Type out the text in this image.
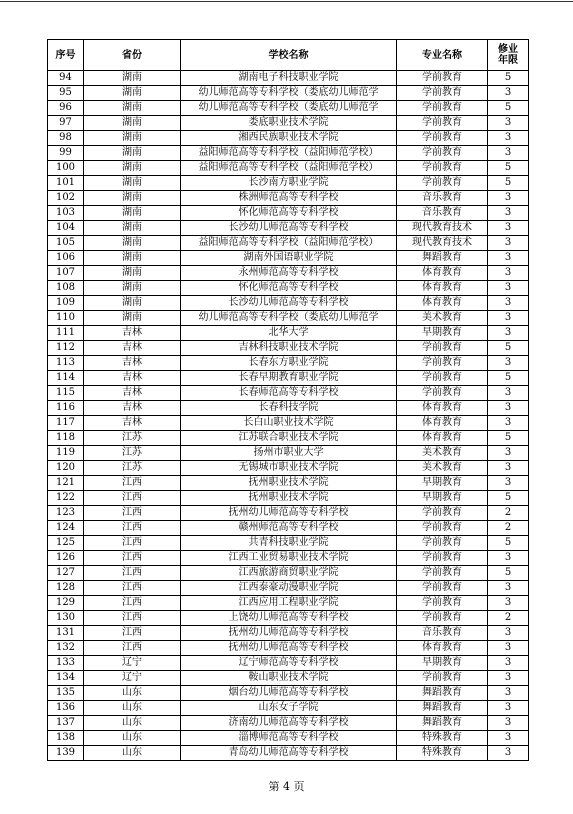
序号	省份	学校名称	专业名称	修业年限
94	湖南	湖南电子科技职业学院	学前教育	5
95	湖南	幼儿师范高等专科学校（娄底幼儿师范学	学前教育	3
96	湖南	幼儿师范高等专科学校（娄底幼儿师范学	学前教育	5
97	湖南	娄底职业技术学院	学前教育	3
98	湖南	湘西民族职业技术学院	学前教育	3
99	湖南	益阳师范高等专科学校（益阳师范学校）	学前教育	3
100	湖南	益阳师范高等专科学校（益阳师范学校）	学前教育	5
101	湖南	长沙南方职业学院	学前教育	5
102	湖南	株洲师范高等专科学校	音乐教育	3
103	湖南	怀化师范高等专科学校	音乐教育	3
104	湖南	长沙幼儿师范高等专科学校	现代教育技术	3
105	湖南	益阳师范高等专科学校（益阳师范学校）	现代教育技术	3
106	湖南	湖南外国语职业学院	舞蹈教育	3
107	湖南	永州师范高等专科学校	体育教育	3
108	湖南	怀化师范高等专科学校	体育教育	3
109	湖南	长沙幼儿师范高等专科学校	体育教育	3
110	湖南	幼儿师范高等专科学校（娄底幼儿师范学	美术教育	3
111	吉林	北华大学	早期教育	3
112	吉林	吉林科技职业技术学院	学前教育	5
113	吉林	长春东方职业学院	学前教育	3
114	吉林	长春早期教育职业学院	学前教育	5
115	吉林	长春师范高等专科学校	学前教育	3
116	吉林	长春科技学院	体育教育	3
117	吉林	长白山职业技术学院	体育教育	3
118	江苏	江苏联合职业技术学院	体育教育	5
119	江苏	扬州市职业大学	美术教育	3
120	江苏	无锡城市职业技术学院	美术教育	3
121	江西	抚州职业技术学院	早期教育	3
122	江西	抚州职业技术学院	早期教育	5
123	江西	抚州幼儿师范高等专科学校	学前教育	2
124	江西	赣州师范高等专科学校	学前教育	2
125	江西	共青科技职业学院	学前教育	5
126	江西	江西工业贸易职业技术学院	学前教育	3
127	江西	江西旅游商贸职业学院	学前教育	5
128	江西	江西泰豪动漫职业学院	学前教育	3
129	江西	江西应用工程职业学院	学前教育	3
130	江西	上饶幼儿师范高等专科学校	学前教育	2
131	江西	抚州幼儿师范高等专科学校	音乐教育	3
132	江西	抚州幼儿师范高等专科学校	体育教育	3
133	辽宁	辽宁师范高等专科学校	早期教育	3
134	辽宁	鞍山职业技术学院	学前教育	3
135	山东	烟台幼儿师范高等专科学校	舞蹈教育	3
136	山东	山东女子学院	舞蹈教育	3
137	山东	济南幼儿师范高等专科学校	舞蹈教育	3
138	山东	淄博师范高等专科学校	特殊教育	3
139	山东	青岛幼儿师范高等专科学校	特殊教育	3
第 4 页
